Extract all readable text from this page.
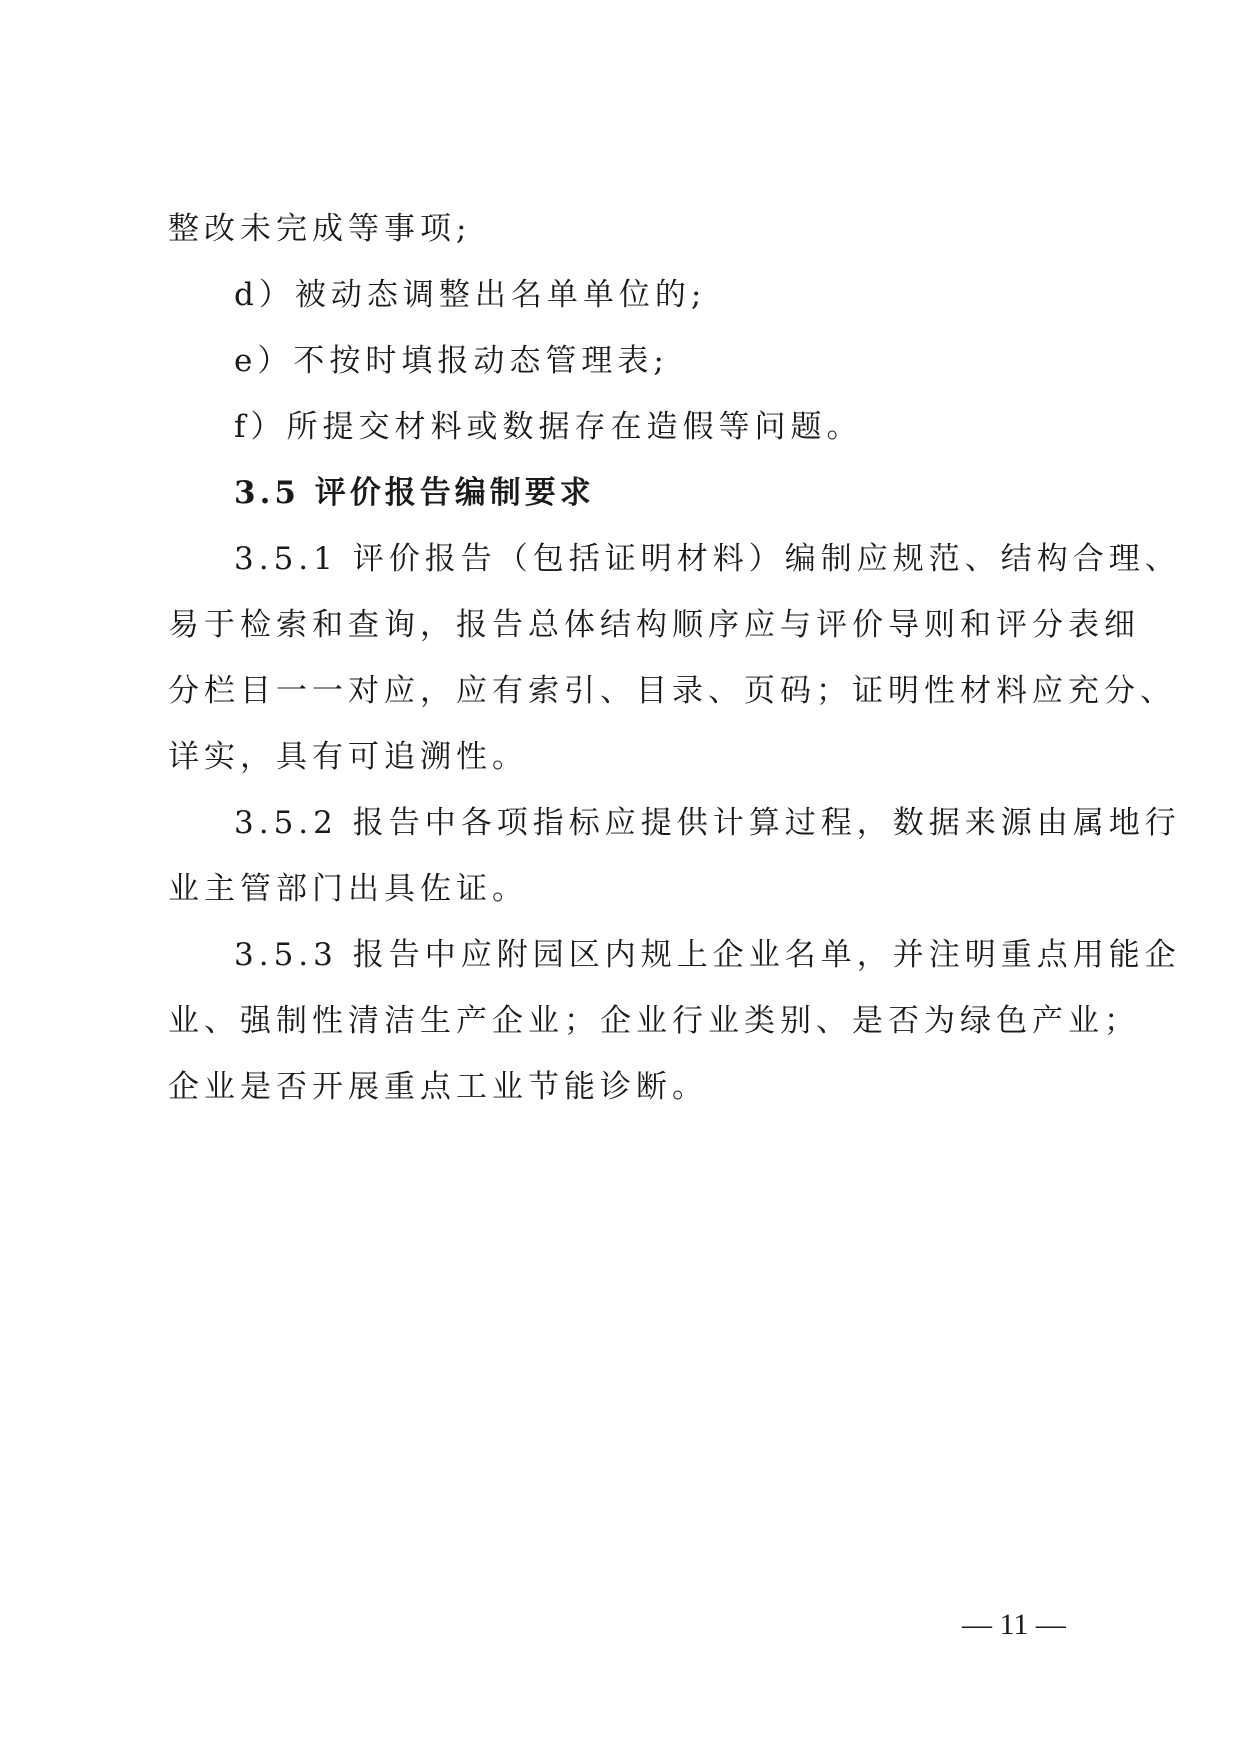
整改未完成等事项;
d）被动态调整出名单单位的;
e）不按时填报动态管理表;
f）所提交材料或数据存在造假等问题。
3.5 评价报告编制要求
3.5.1 评价报告（包括证明材料）编制应规范、结构合理、
易于检索和查询，报告总体结构顺序应与评价导则和评分表细
分栏目一一对应，应有索引、目录、页码；证明性材料应充分、
详实，具有可追溯性。
3.5.2 报告中各项指标应提供计算过程，数据来源由属地行
业主管部门出具佐证。
3.5.3 报告中应附园区内规上企业名单，并注明重点用能企
业、强制性清洁生产企业；企业行业类别、是否为绿色产业；
企业是否开展重点工业节能诊断。
— 11 —
